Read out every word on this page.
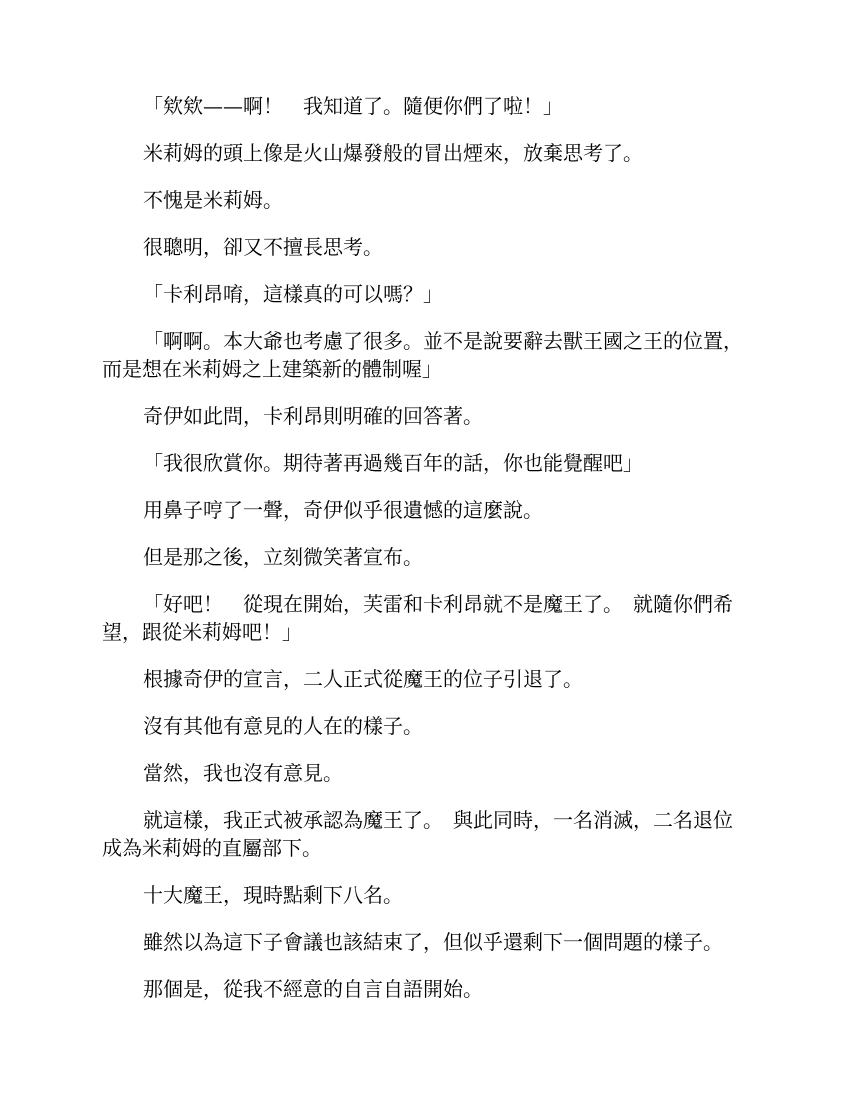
「欸欸——啊！　我知道了。隨便你們了啦！」

米莉姆的頭上像是火山爆發般的冒出煙來，放棄思考了。

不愧是米莉姆。

很聰明，卻又不擅長思考。

「卡利昂唷，這樣真的可以嗎？」

「啊啊。本大爺也考慮了很多。並不是說要辭去獸王國之王的位置，而是想在米莉姆之上建築新的體制喔」

奇伊如此問，卡利昂則明確的回答著。

「我很欣賞你。期待著再過幾百年的話，你也能覺醒吧」

用鼻子哼了一聲，奇伊似乎很遺憾的這麼說。

但是那之後，立刻微笑著宣布。

「好吧！　從現在開始，芙雷和卡利昂就不是魔王了。　就隨你們希望，跟從米莉姆吧！」

根據奇伊的宣言，二人正式從魔王的位子引退了。

沒有其他有意見的人在的樣子。

當然，我也沒有意見。

就這樣，我正式被承認為魔王了。　與此同時，一名消滅，二名退位成為米莉姆的直屬部下。

十大魔王，現時點剩下八名。

雖然以為這下子會議也該結束了，但似乎還剩下一個問題的樣子。

那個是，從我不經意的自言自語開始。
